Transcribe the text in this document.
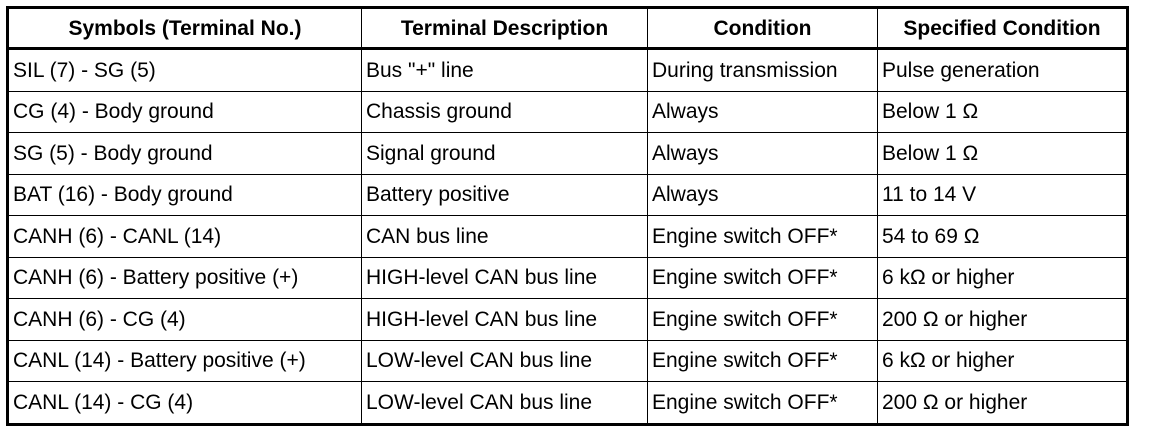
Symbols (Terminal No.)	Terminal Description	Condition	Specified Condition
SIL (7) - SG (5)	Bus "+" line	During transmission	Pulse generation
CG (4) - Body ground	Chassis ground	Always	Below 1 Ω
SG (5) - Body ground	Signal ground	Always	Below 1 Ω
BAT (16) - Body ground	Battery positive	Always	11 to 14 V
CANH (6) - CANL (14)	CAN bus line	Engine switch OFF*	54 to 69 Ω
CANH (6) - Battery positive (+)	HIGH-level CAN bus line	Engine switch OFF*	6 kΩ or higher
CANH (6) - CG (4)	HIGH-level CAN bus line	Engine switch OFF*	200 Ω or higher
CANL (14) - Battery positive (+)	LOW-level CAN bus line	Engine switch OFF*	6 kΩ or higher
CANL (14) - CG (4)	LOW-level CAN bus line	Engine switch OFF*	200 Ω or higher
